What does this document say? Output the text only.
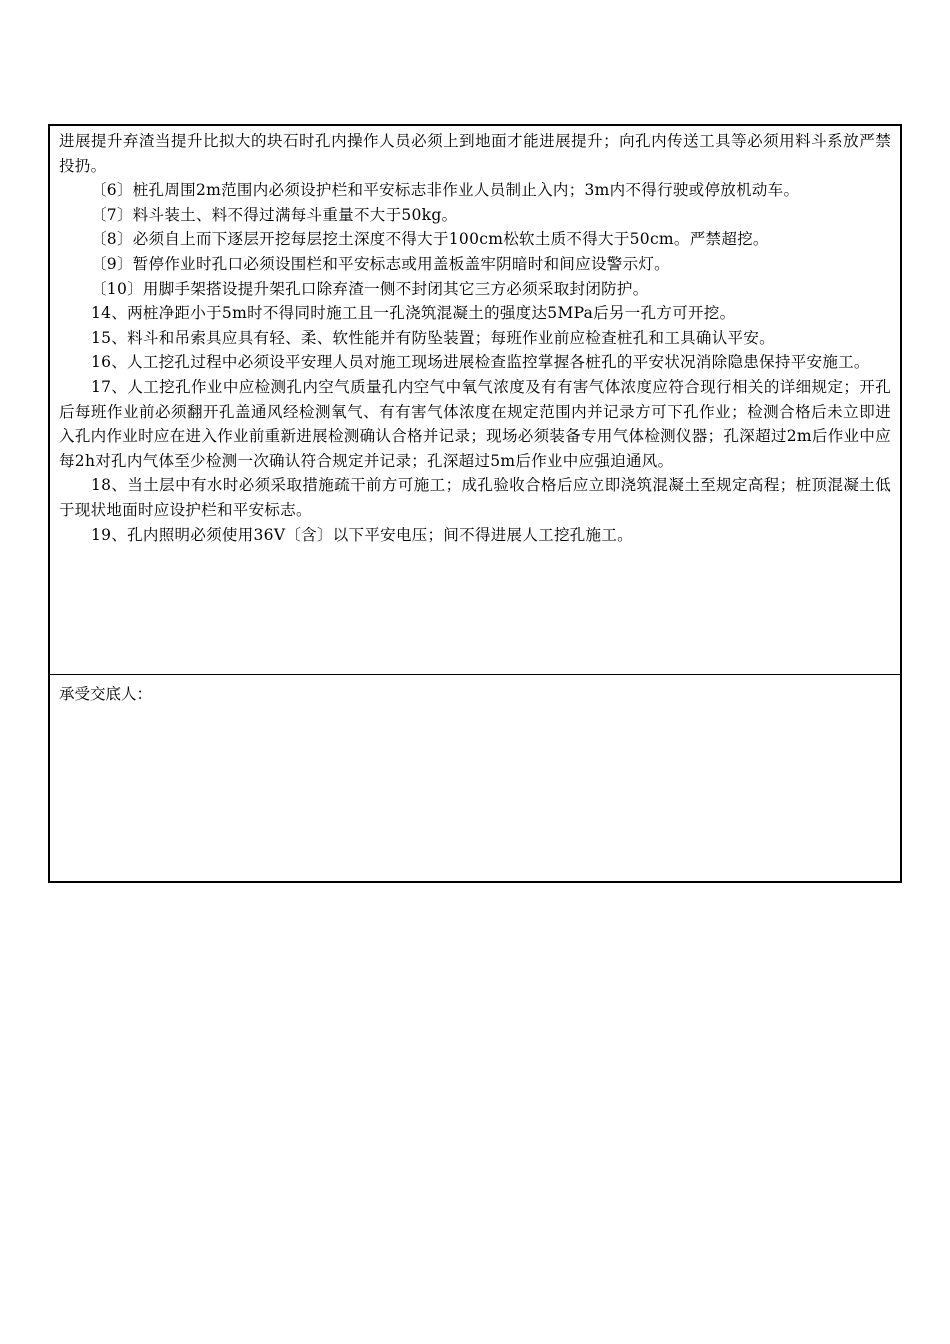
进展提升弃渣当提升比拟大的块石时孔内操作人员必须上到地面才能进展提升；向孔内传送工具等必须用料斗系放严禁投扔。

〔6〕桩孔周围2m范围内必须设护栏和平安标志非作业人员制止入内；3m内不得行驶或停放机动车。

〔7〕料斗装土、料不得过满每斗重量不大于50kg。

〔8〕必须自上而下逐层开挖每层挖土深度不得大于100cm松软土质不得大于50cm。严禁超挖。

〔9〕暂停作业时孔口必须设围栏和平安标志或用盖板盖牢阴暗时和间应设警示灯。

〔10〕用脚手架搭设提升架孔口除弃渣一侧不封闭其它三方必须采取封闭防护。

14、两桩净距小于5m时不得同时施工且一孔浇筑混凝土的强度达5MPa后另一孔方可开挖。

15、料斗和吊索具应具有轻、柔、软性能并有防坠装置；每班作业前应检查桩孔和工具确认平安。

16、人工挖孔过程中必须设平安理人员对施工现场进展检查监控掌握各桩孔的平安状况消除隐患保持平安施工。

17、人工挖孔作业中应检测孔内空气质量孔内空气中氧气浓度及有有害气体浓度应符合现行相关的详细规定；开孔后每班作业前必须翻开孔盖通风经检测氧气、有有害气体浓度在规定范围内并记录方可下孔作业；检测合格后未立即进入孔内作业时应在进入作业前重新进展检测确认合格并记录；现场必须装备专用气体检测仪器；孔深超过2m后作业中应每2h对孔内气体至少检测一次确认符合规定并记录；孔深超过5m后作业中应强迫通风。

18、当土层中有水时必须采取措施疏干前方可施工；成孔验收合格后应立即浇筑混凝土至规定高程；桩顶混凝土低于现状地面时应设护栏和平安标志。

19、孔内照明必须使用36V〔含〕以下平安电压；间不得进展人工挖孔施工。

承受交底人：
